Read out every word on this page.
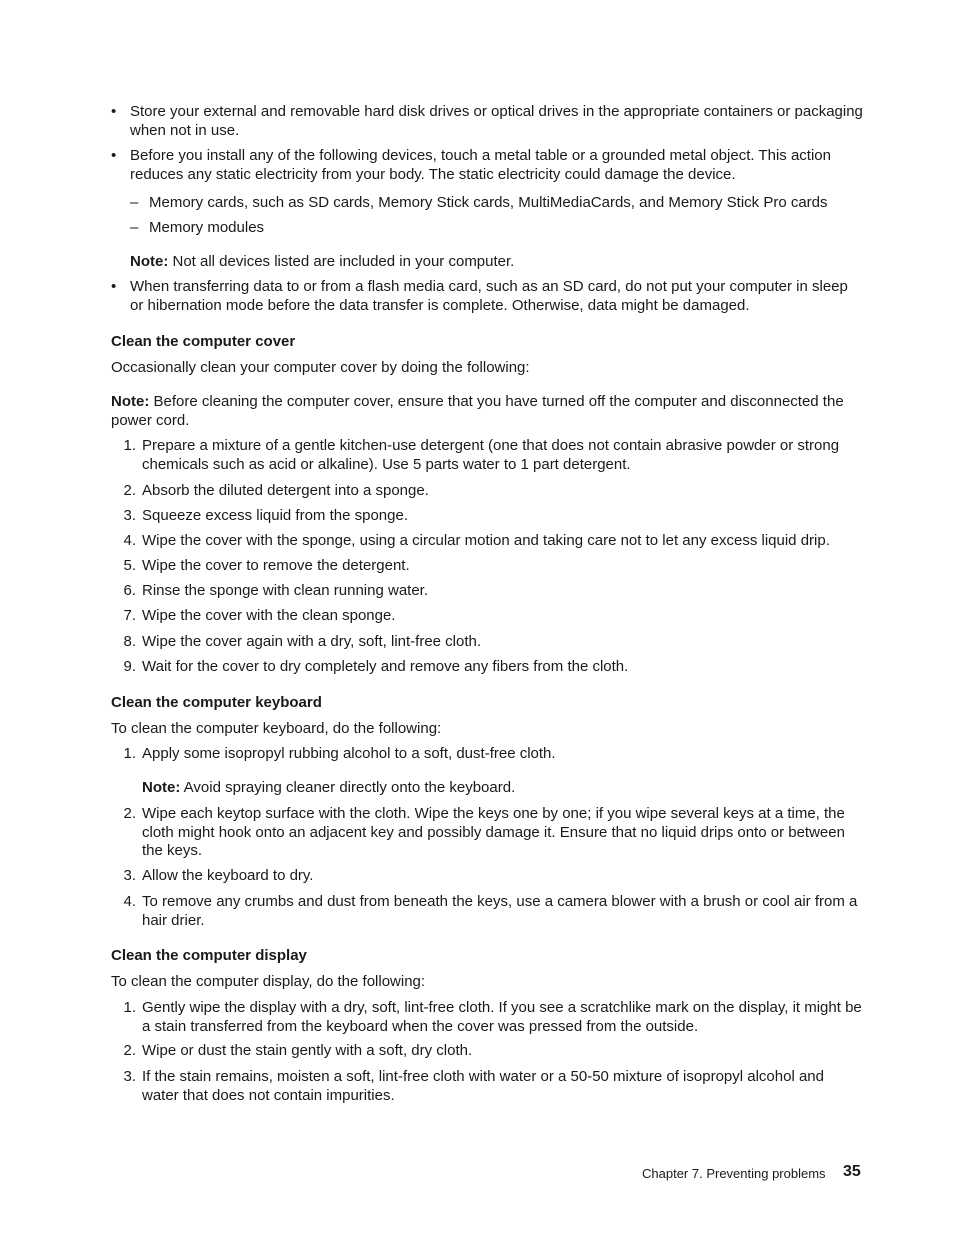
• Store your external and removable hard disk drives or optical drives in the appropriate containers or packaging when not in use.
• Before you install any of the following devices, touch a metal table or a grounded metal object. This action reduces any static electricity from your body. The static electricity could damage the device.
– Memory cards, such as SD cards, Memory Stick cards, MultiMediaCards, and Memory Stick Pro cards
– Memory modules
Note: Not all devices listed are included in your computer.
• When transferring data to or from a flash media card, such as an SD card, do not put your computer in sleep or hibernation mode before the data transfer is complete. Otherwise, data might be damaged.
Clean the computer cover
Occasionally clean your computer cover by doing the following:
Note: Before cleaning the computer cover, ensure that you have turned off the computer and disconnected the power cord.
1. Prepare a mixture of a gentle kitchen-use detergent (one that does not contain abrasive powder or strong chemicals such as acid or alkaline). Use 5 parts water to 1 part detergent.
2. Absorb the diluted detergent into a sponge.
3. Squeeze excess liquid from the sponge.
4. Wipe the cover with the sponge, using a circular motion and taking care not to let any excess liquid drip.
5. Wipe the cover to remove the detergent.
6. Rinse the sponge with clean running water.
7. Wipe the cover with the clean sponge.
8. Wipe the cover again with a dry, soft, lint-free cloth.
9. Wait for the cover to dry completely and remove any fibers from the cloth.
Clean the computer keyboard
To clean the computer keyboard, do the following:
1. Apply some isopropyl rubbing alcohol to a soft, dust-free cloth.
Note: Avoid spraying cleaner directly onto the keyboard.
2. Wipe each keytop surface with the cloth. Wipe the keys one by one; if you wipe several keys at a time, the cloth might hook onto an adjacent key and possibly damage it. Ensure that no liquid drips onto or between the keys.
3. Allow the keyboard to dry.
4. To remove any crumbs and dust from beneath the keys, use a camera blower with a brush or cool air from a hair drier.
Clean the computer display
To clean the computer display, do the following:
1. Gently wipe the display with a dry, soft, lint-free cloth. If you see a scratchlike mark on the display, it might be a stain transferred from the keyboard when the cover was pressed from the outside.
2. Wipe or dust the stain gently with a soft, dry cloth.
3. If the stain remains, moisten a soft, lint-free cloth with water or a 50-50 mixture of isopropyl alcohol and water that does not contain impurities.
Chapter 7. Preventing problems 35
